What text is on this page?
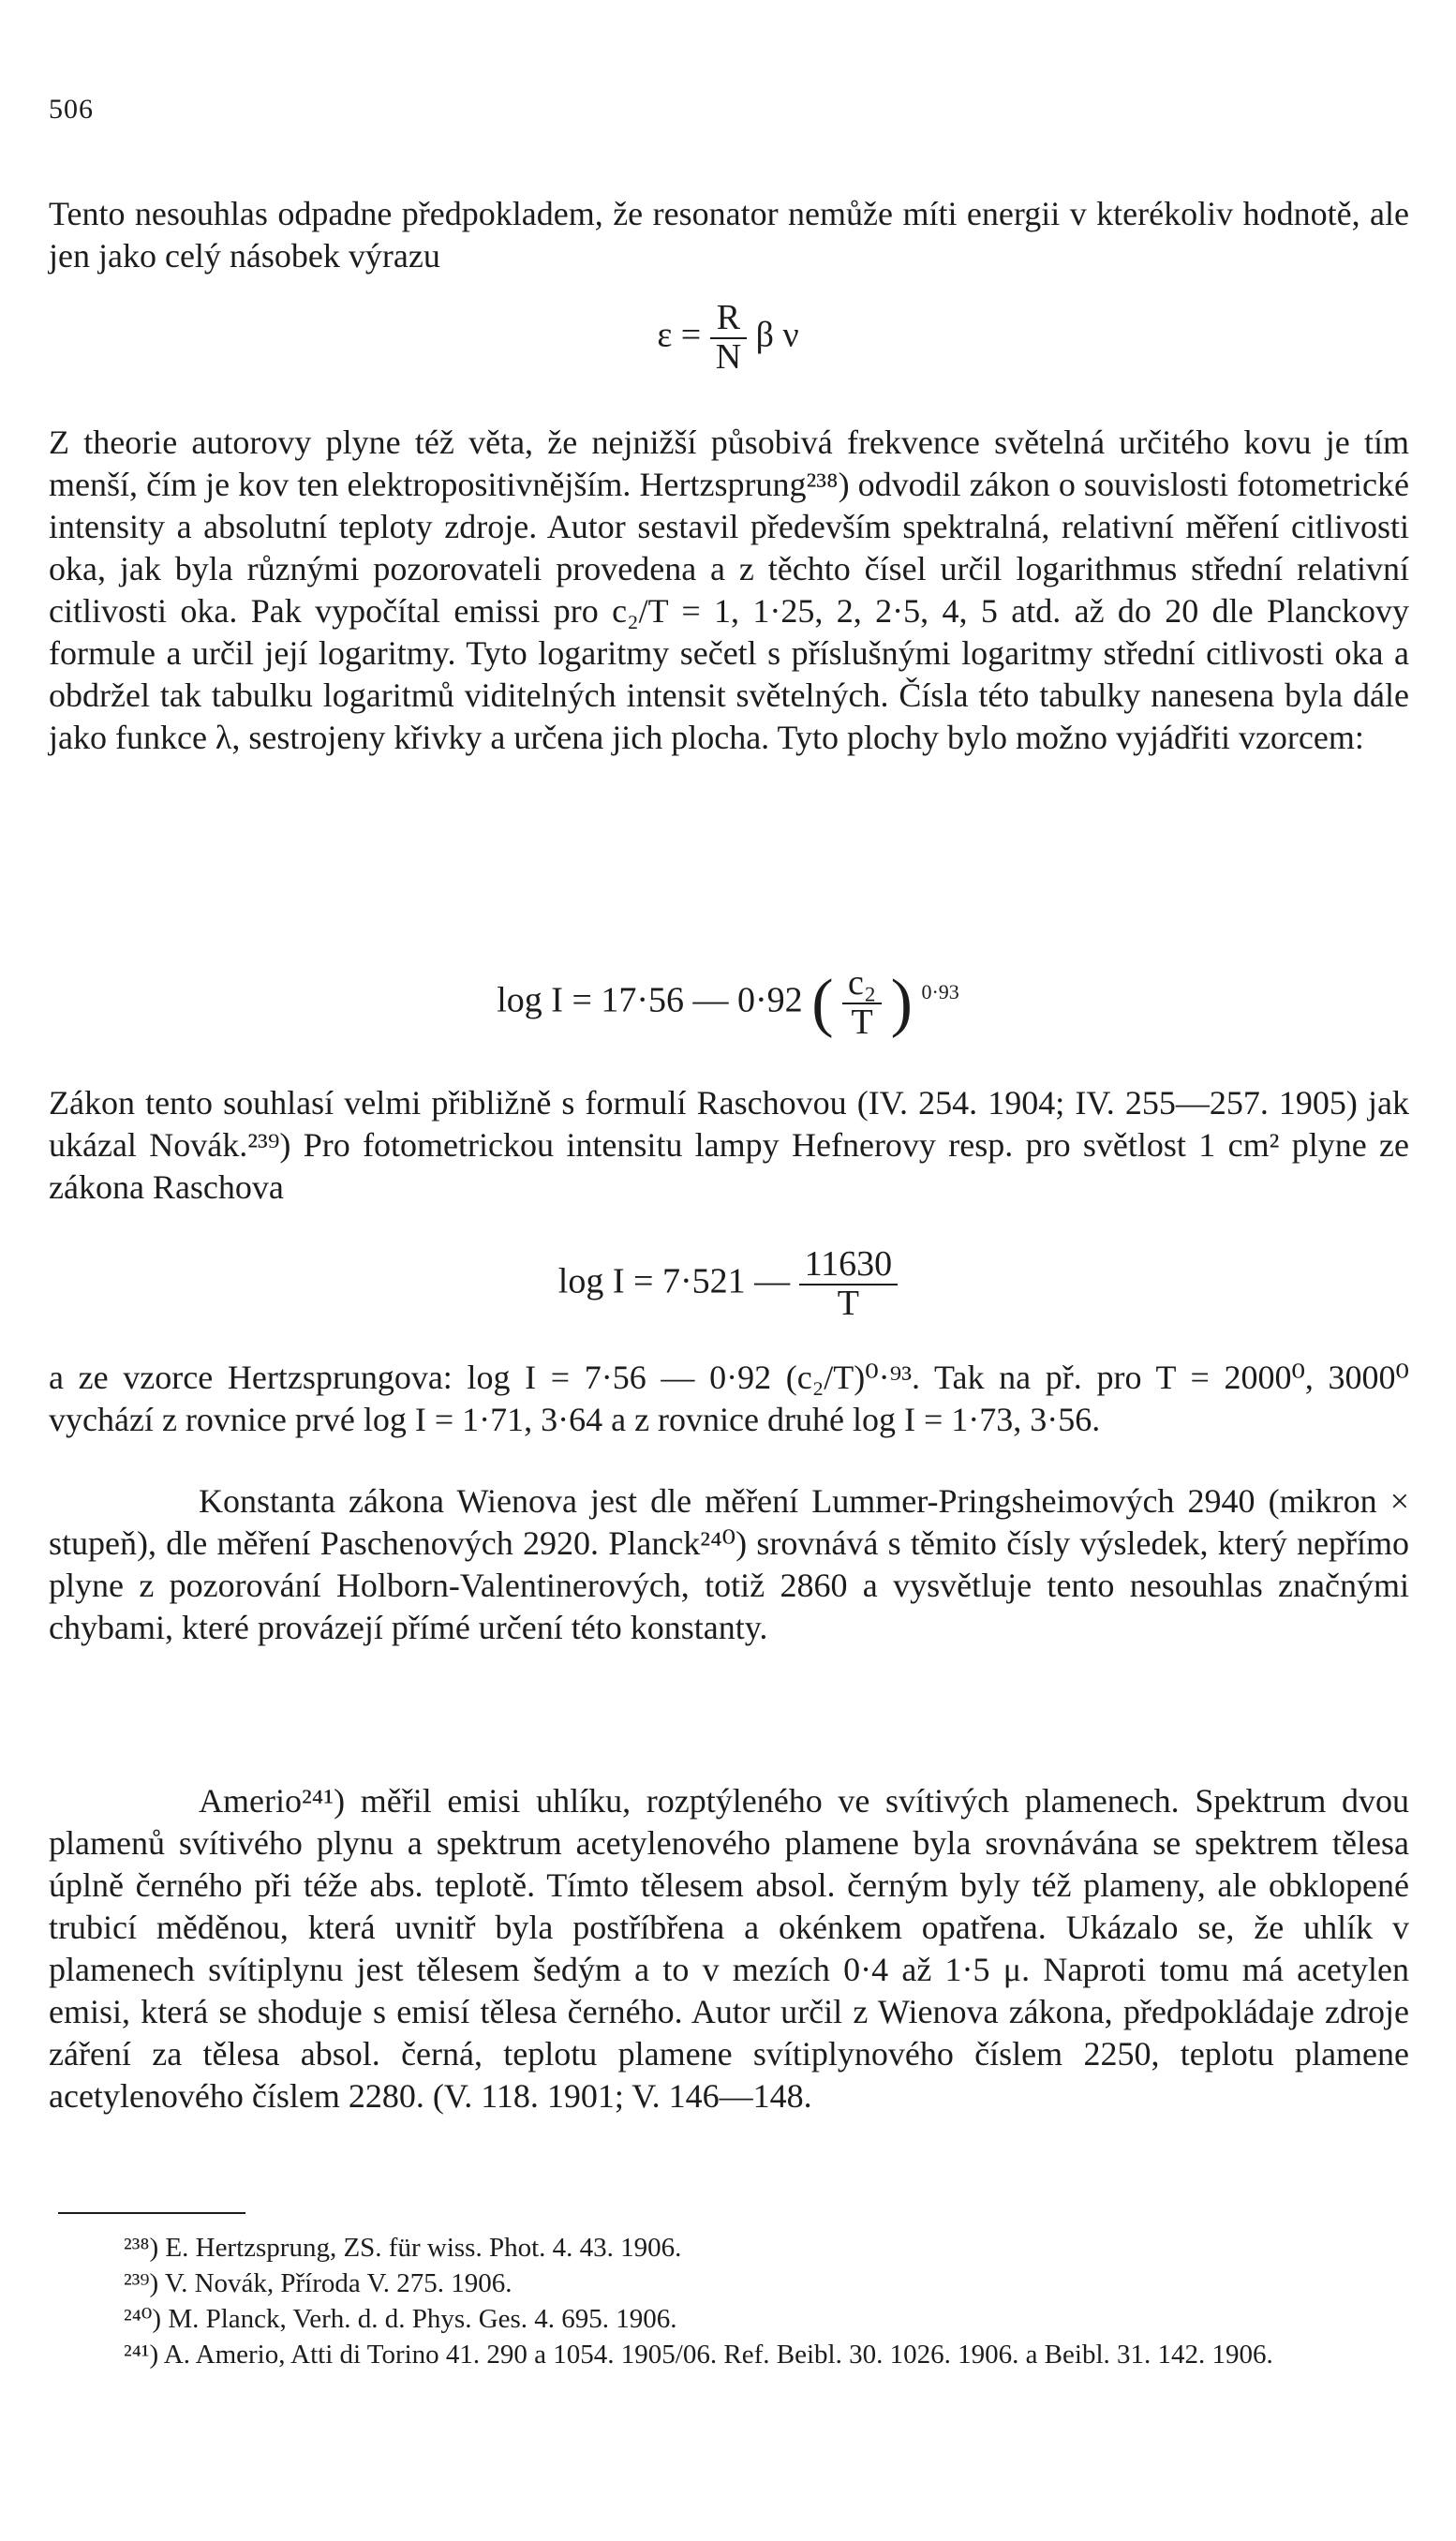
506

Tento nesouhlas odpadne předpokladem, že resonator nemůže míti energii v kterékoliv hodnotě, ale jen jako celý násobek výrazu

$\varepsilon = \frac{R}{N}$ β ν

Z theorie autorovy plyne též věta, že nejnižší působivá frekvence světelná určitého kovu je tím menší, čím je kov ten elektropositivnějším. Hertzsprung²³⁸) odvodil zákon o souvislosti fotometrické intensity a absolutní teploty zdroje. Autor sestavil především spektralná, relativní měření citlivosti oka, jak byla různými pozorovateli provedena a z těchto čísel určil logarithmus střední relativní citlivosti oka. Pak vypočítal emissi pro c₂/T = 1, 1·25, 2, 2·5, 4, 5 atd. až do 20 dle Planckovy formule a určil její logaritmy. Tyto logaritmy sečetl s příslušnými logaritmy střední citlivosti oka a obdržel tak tabulku logaritmů viditelných intensit světelných. Čísla této tabulky nanesena byla dále jako funkce λ, sestrojeny křivky a určena jich plocha. Tyto plochy bylo možno vyjádřiti vzorcem:

log I = 17·56 — 0·92 ( $\frac{\text{c₂}}{T}$ ) $^{0\cdot 93}$

Zákon tento souhlasí velmi přibližně s formulí Raschovou (IV. 254. 1904; IV. 255—257. 1905) jak ukázal Novák.²³⁹) Pro fotometrickou intensitu lampy Hefnerovy resp. pro světlost 1 cm² plyne ze zákona Raschova

log I = 7·521 — $\frac{11630}{T}$

a ze vzorce Hertzsprungova: log I = 7·56 — 0·92 (c₂/T)⁰·⁹³. Tak na př. pro T = 2000⁰, 3000⁰ vychází z rovnice prvé log I = 1·71, 3·64 a z rovnice druhé log I = 1·73, 3·56.

Konstanta zákona Wienova jest dle měření Lummer-Pringsheimových 2940 (mikron × stupeň), dle měření Paschenových 2920. Planck²⁴⁰) srovnává s těmito čísly výsledek, který nepřímo plyne z pozorování Holborn-Valentinerových, totiž 2860 a vysvětluje tento nesouhlas značnými chybami, které provázejí přímé určení této konstanty.

Amerio²⁴¹) měřil emisi uhlíku, rozptýleného ve svítivých plamenech. Spektrum dvou plamenů svítivého plynu a spektrum acetylenového plamene byla srovnávána se spektrem tělesa úplně černého při téže abs. teplotě. Tímto tělesem absol. černým byly též plameny, ale obklopené trubicí měděnou, která uvnitř byla postříbřena a okénkem opatřena. Ukázalo se, že uhlík v plamenech svítiplynu jest tělesem šedým a to v mezích 0·4 až 1·5 μ. Naproti tomu má acetylen emisi, která se shoduje s emisí tělesa černého. Autor určil z Wienova zákona, předpokládaje zdroje záření za tělesa absol. černá, teplotu plamene svítiplynového číslem 2250, teplotu plamene acetylenového číslem 2280. (V. 118. 1901; V. 146—148.

²³⁸) E. Hertzsprung, ZS. für wiss. Phot. 4. 43. 1906.

²³⁹) V. Novák, Příroda V. 275. 1906.

²⁴⁰) M. Planck, Verh. d. d. Phys. Ges. 4. 695. 1906.

²⁴¹) A. Amerio, Atti di Torino 41. 290 a 1054. 1905/06. Ref. Beibl. 30. 1026. 1906. a Beibl. 31. 142. 1906.
